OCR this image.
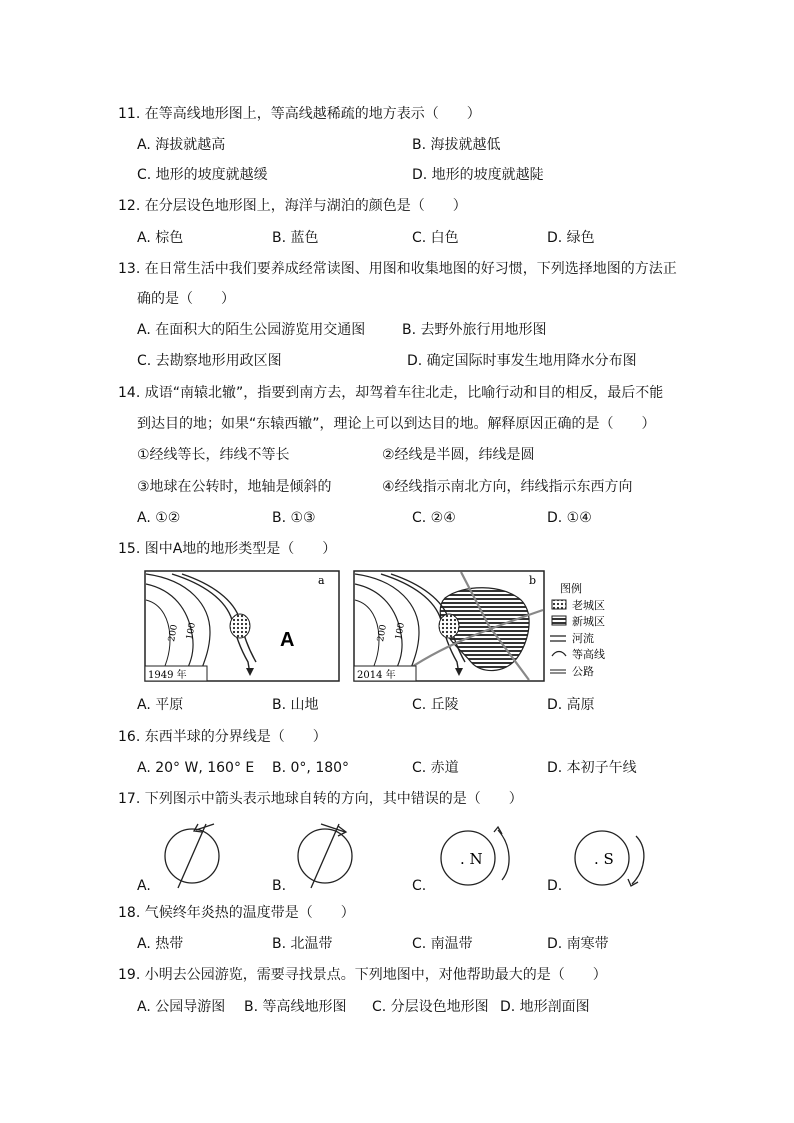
11. 在等高线地形图上，等高线越稀疏的地方表示（　　）
A. 海拔就越高	B. 海拔就越低
C. 地形的坡度就越缓	D. 地形的坡度就越陡
12. 在分层设色地形图上，海洋与湖泊的颜色是（　　）
A. 棕色	B. 蓝色	C. 白色	D. 绿色
13. 在日常生活中我们要养成经常读图、用图和收集地图的好习惯，下列选择地图的方法正
确的是（　　）
A. 在面积大的陌生公园游览用交通图	B. 去野外旅行用地形图
C. 去勘察地形用政区图	D. 确定国际时事发生地用降水分布图
14. 成语“南辕北辙”，指要到南方去，却驾着车往北走，比喻行动和目的相反，最后不能
到达目的地；如果“东辕西辙”，理论上可以到达目的地。解释原因正确的是（　　）
①经线等长，纬线不等长	②经线是半圆，纬线是圆
③地球在公转时，地轴是倾斜的	④经线指示南北方向，纬线指示东西方向
A. ①②	B. ①③	C. ②④	D. ①④
15. 图中A地的地形类型是（　　）
200 100
a
A
1949 年
200 100
b
2014 年
图例
老城区
新城区
河流
等高线
公路
A. 平原	B. 山地	C. 丘陵	D. 高原
16. 东西半球的分界线是（　　）
A. 20° W, 160° E B. 0°, 180°	C. 赤道	D. 本初子午线
17. 下列图示中箭头表示地球自转的方向，其中错误的是（　　）
. N	. S
A.	B.	C.	D.
18. 气候终年炎热的温度带是（　　）
A. 热带	B. 北温带	C. 南温带	D. 南寒带
19. 小明去公园游览，需要寻找景点。下列地图中，对他帮助最大的是（　　）
A. 公园导游图 B. 等高线地形图 C. 分层设色地形图 D. 地形剖面图
